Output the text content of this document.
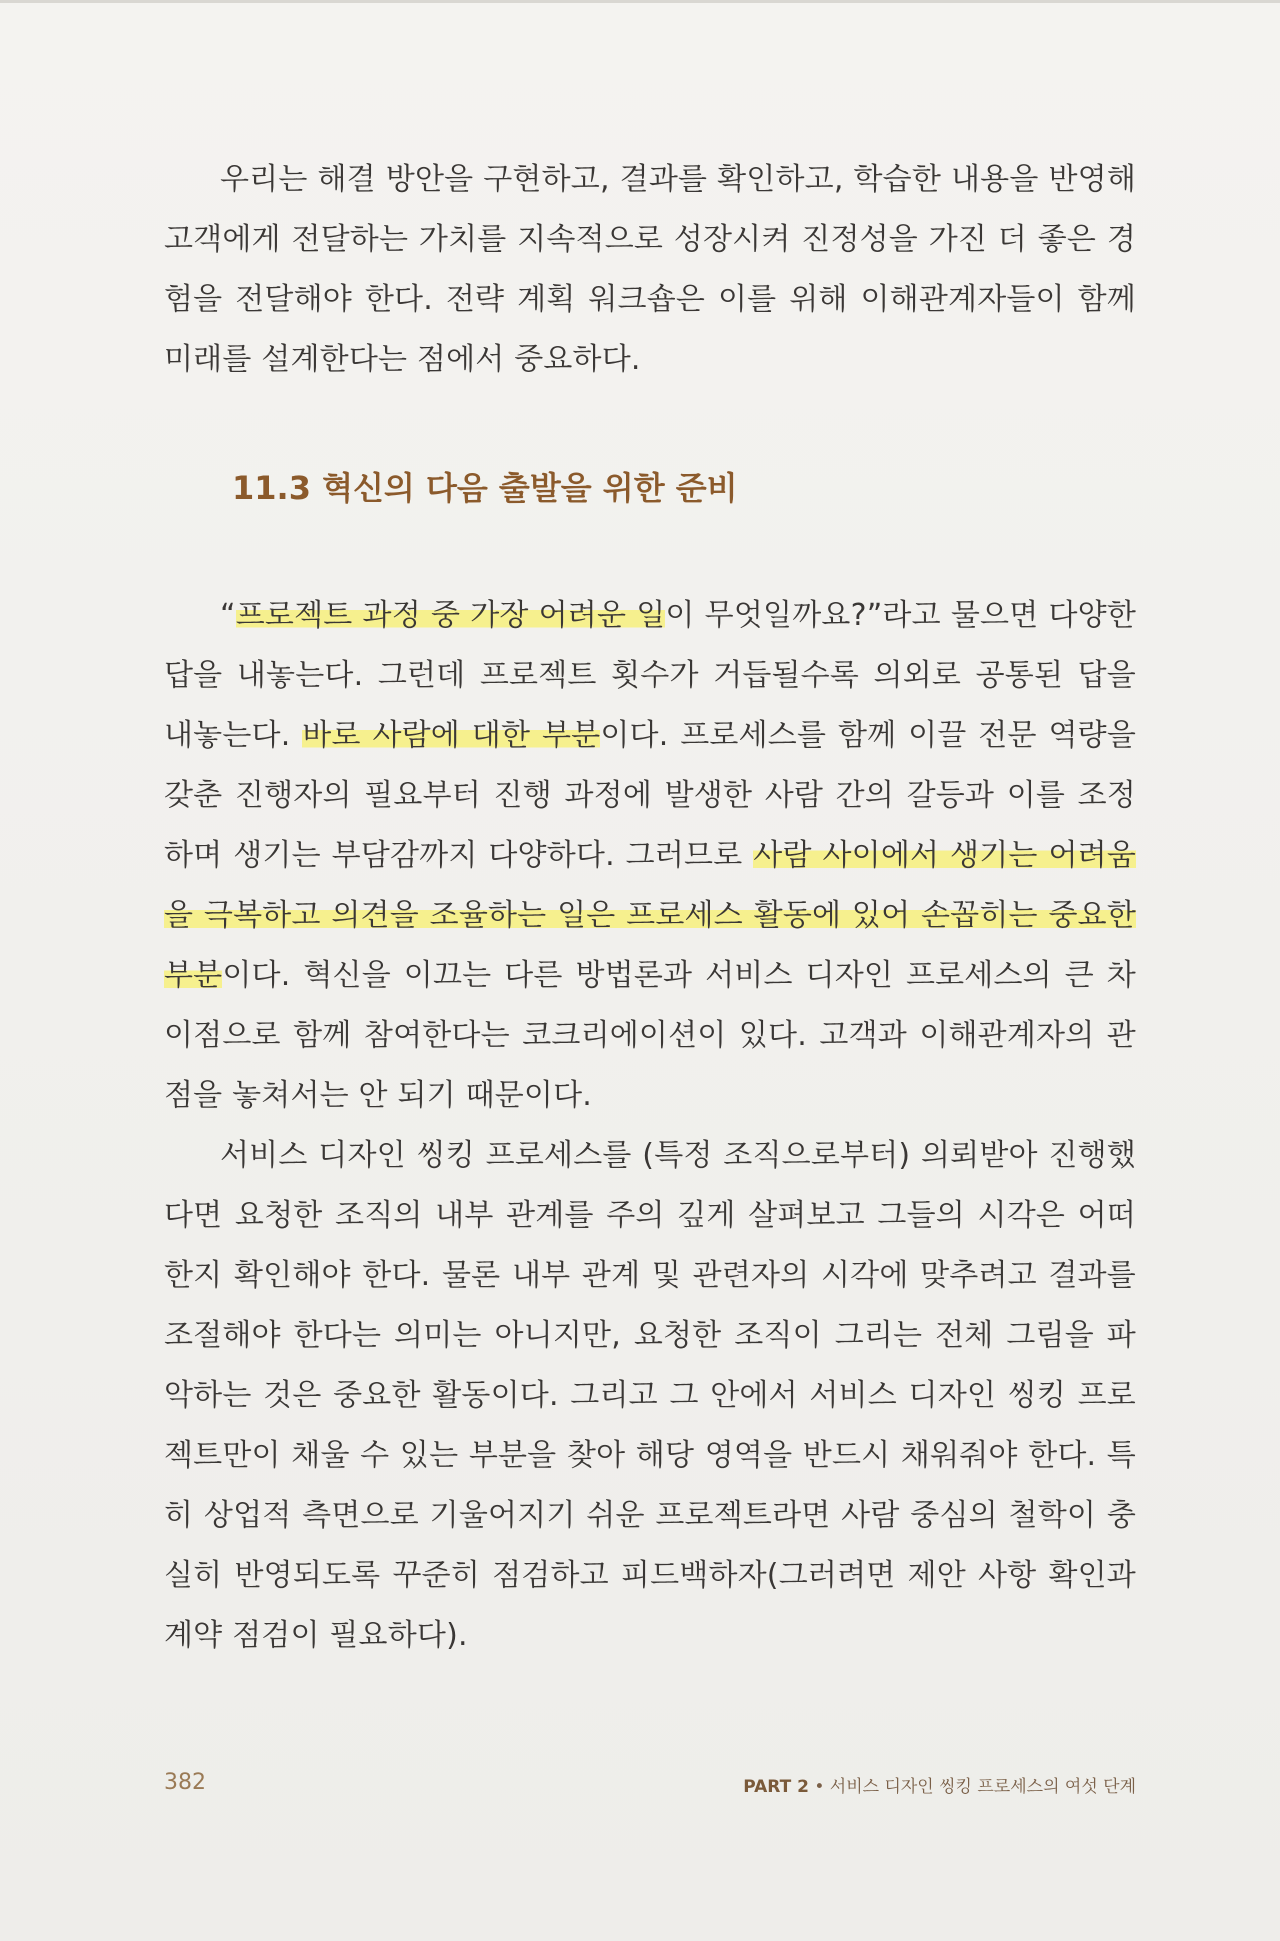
우리는 해결 방안을 구현하고, 결과를 확인하고, 학습한 내용을 반영해 고객에게 전달하는 가치를 지속적으로 성장시켜 진정성을 가진 더 좋은 경험을 전달해야 한다. 전략 계획 워크숍은 이를 위해 이해관계자들이 함께 미래를 설계한다는 점에서 중요하다.

11.3 혁신의 다음 출발을 위한 준비

“프로젝트 과정 중 가장 어려운 일이 무엇일까요?”라고 물으면 다양한 답을 내놓는다. 그런데 프로젝트 횟수가 거듭될수록 의외로 공통된 답을 내놓는다. 바로 사람에 대한 부분이다. 프로세스를 함께 이끌 전문 역량을 갖춘 진행자의 필요부터 진행 과정에 발생한 사람 간의 갈등과 이를 조정하며 생기는 부담감까지 다양하다. 그러므로 사람 사이에서 생기는 어려움을 극복하고 의견을 조율하는 일은 프로세스 활동에 있어 손꼽히는 중요한 부분이다. 혁신을 이끄는 다른 방법론과 서비스 디자인 프로세스의 큰 차이점으로 함께 참여한다는 코크리에이션이 있다. 고객과 이해관계자의 관점을 놓쳐서는 안 되기 때문이다.

서비스 디자인 씽킹 프로세스를 (특정 조직으로부터) 의뢰받아 진행했다면 요청한 조직의 내부 관계를 주의 깊게 살펴보고 그들의 시각은 어떠한지 확인해야 한다. 물론 내부 관계 및 관련자의 시각에 맞추려고 결과를 조절해야 한다는 의미는 아니지만, 요청한 조직이 그리는 전체 그림을 파악하는 것은 중요한 활동이다. 그리고 그 안에서 서비스 디자인 씽킹 프로젝트만이 채울 수 있는 부분을 찾아 해당 영역을 반드시 채워줘야 한다. 특히 상업적 측면으로 기울어지기 쉬운 프로젝트라면 사람 중심의 철학이 충실히 반영되도록 꾸준히 점검하고 피드백하자(그러려면 제안 사항 확인과 계약 점검이 필요하다).

382	PART 2 • 서비스 디자인 씽킹 프로세스의 여섯 단계
